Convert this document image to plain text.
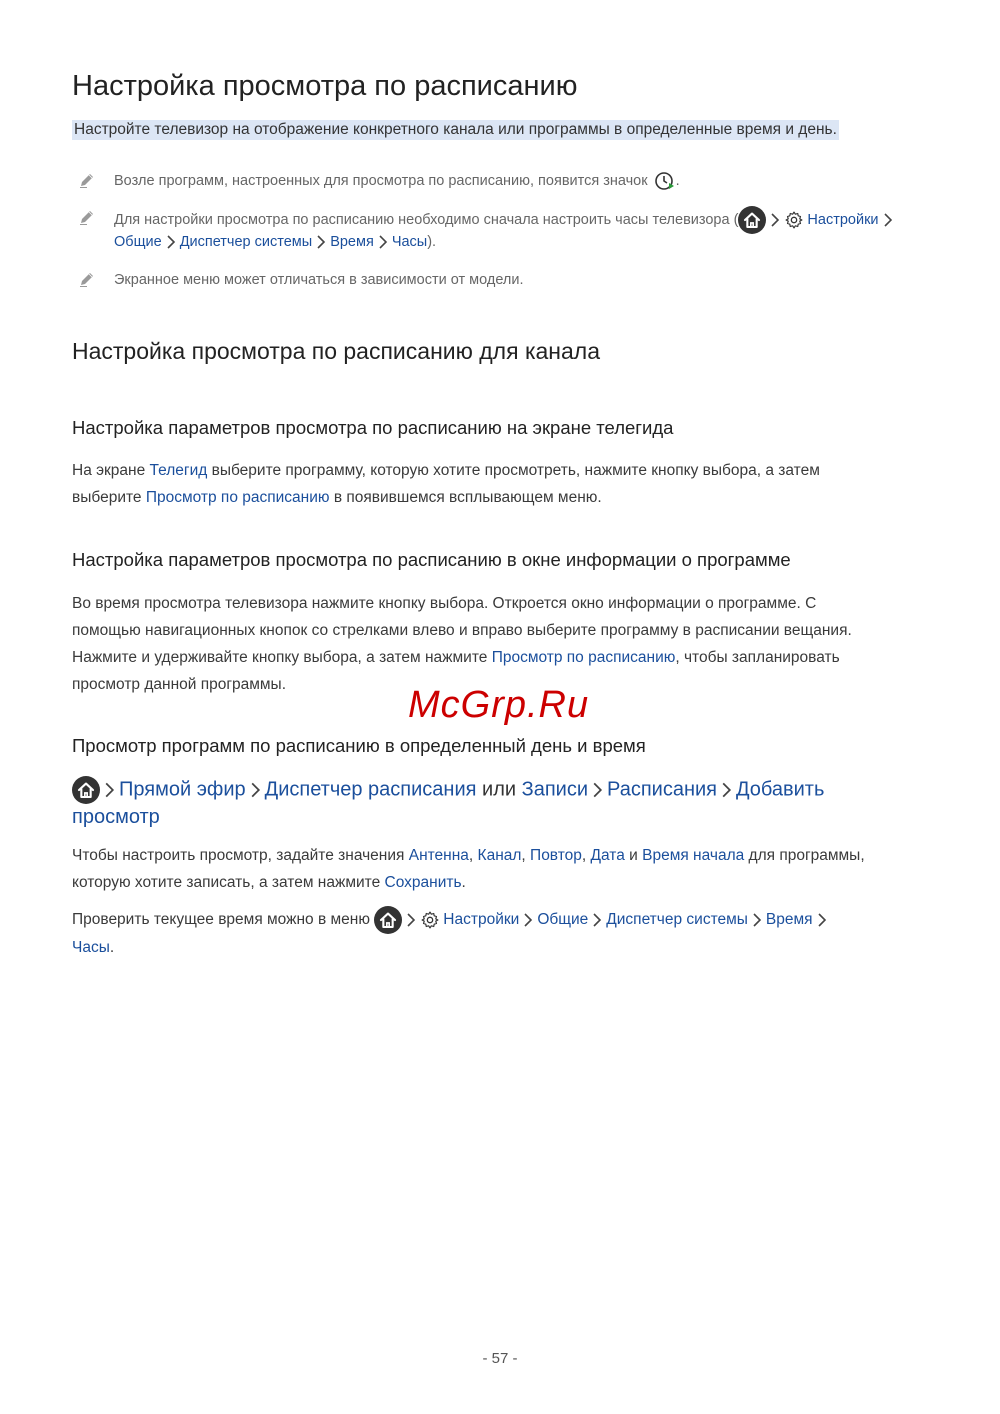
Настройка просмотра по расписанию
Настройте телевизор на отображение конкретного канала или программы в определенные время и день.
Возле программ, настроенных для просмотра по расписанию, появится значок .
Для настройки просмотра по расписанию необходимо сначала настроить часы телевизора (	Настройки
Общие Диспетчер системы Время Часы).
Экранное меню может отличаться в зависимости от модели.
Настройка просмотра по расписанию для канала
Настройка параметров просмотра по расписанию на экране телегида
На экране Телегид выберите программу, которую хотите просмотреть, нажмите кнопку выбора, а затем
выберите Просмотр по расписанию в появившемся всплывающем меню.
Настройка параметров просмотра по расписанию в окне информации о программе
Во время просмотра телевизора нажмите кнопку выбора. Откроется окно информации о программе. С
помощью навигационных кнопок со стрелками влево и вправо выберите программу в расписании вещания.
Нажмите и удерживайте кнопку выбора, а затем нажмите Просмотр по расписанию, чтобы запланировать
просмотр данной программы.	McGrp.Ru
Просмотр программ по расписанию в определенный день и время
Прямой эфир Диспетчер расписания или Записи Расписания Добавить
просмотр
Чтобы настроить просмотр, задайте значения Антенна, Канал, Повтор, Дата и Время начала для программы,
которую хотите записать, а затем нажмите Сохранить.
Проверить текущее время можно в меню	Настройки Общие Диспетчер системы Время
Часы.
- 57 -
